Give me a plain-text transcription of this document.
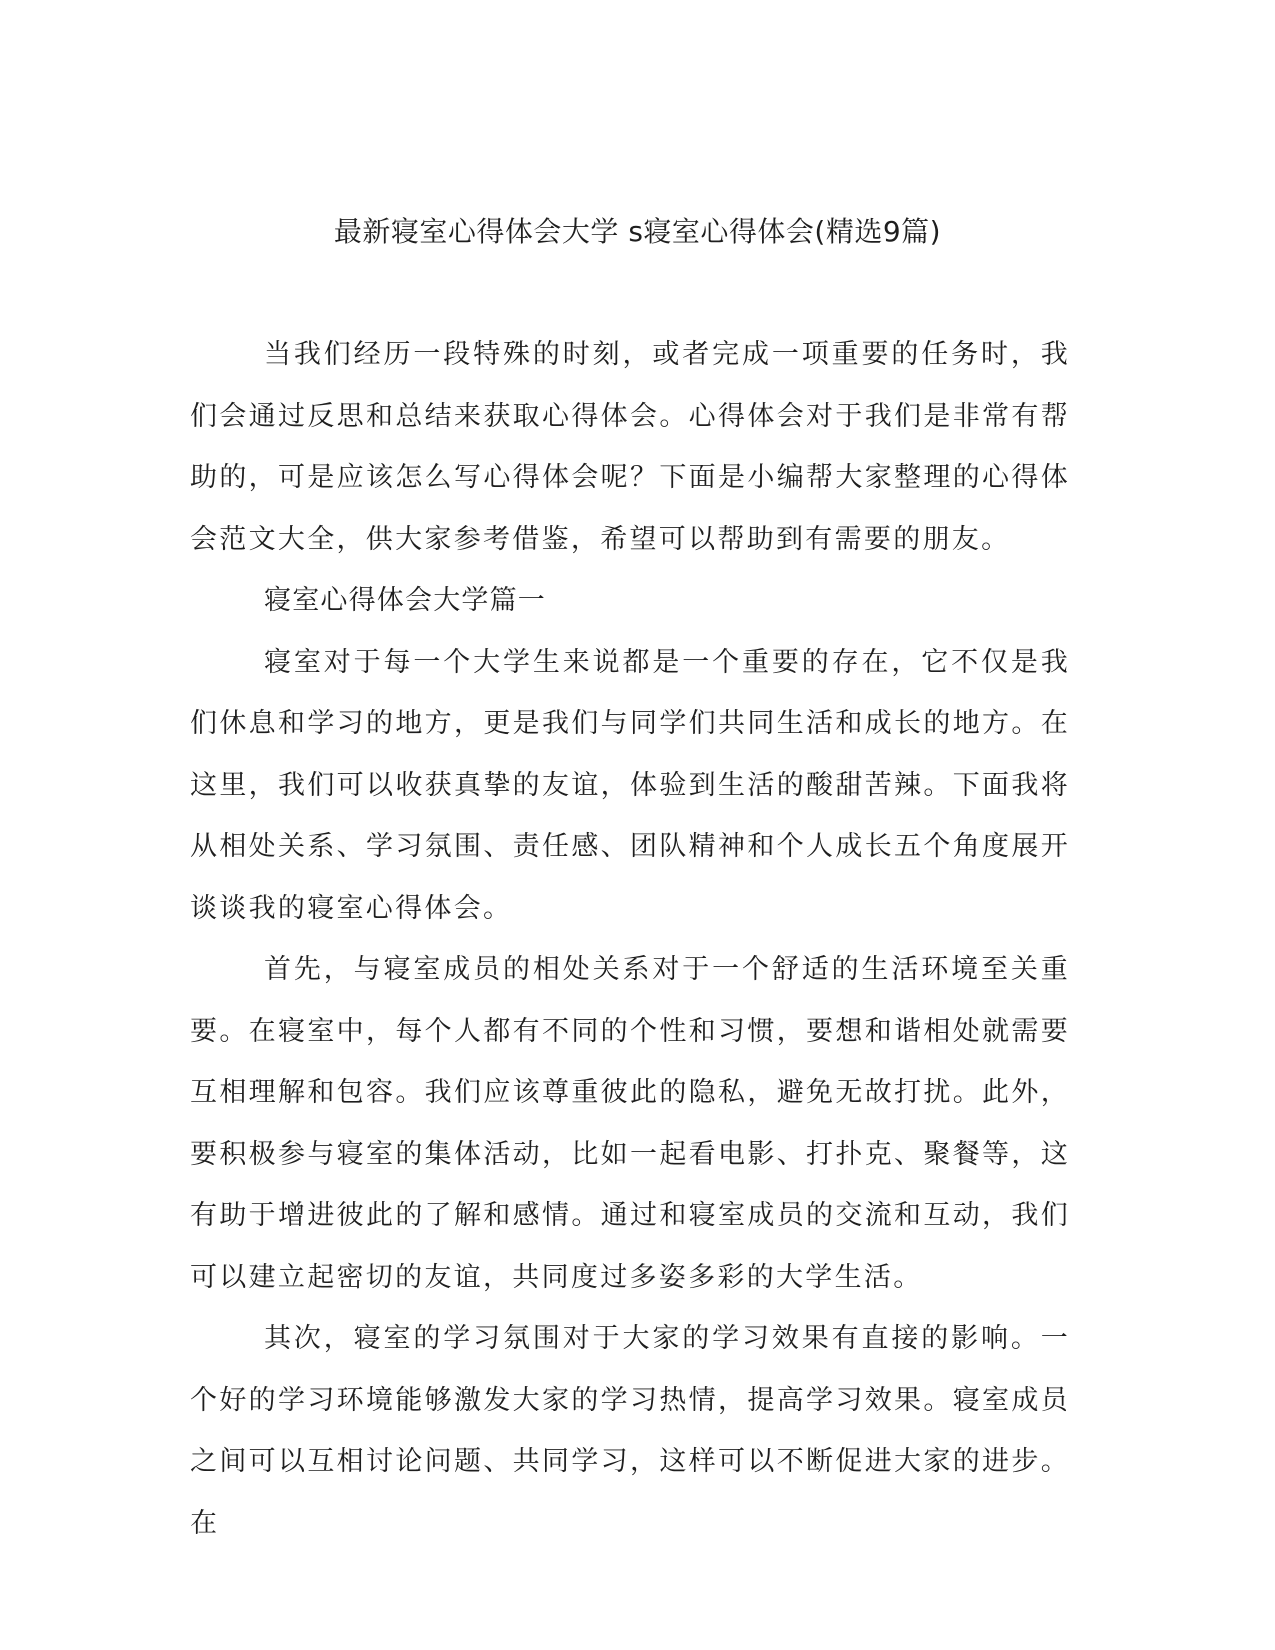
最新寝室心得体会大学 s寝室心得体会(精选9篇)

当我们经历一段特殊的时刻，或者完成一项重要的任务时，我们会通过反思和总结来获取心得体会。心得体会对于我们是非常有帮助的，可是应该怎么写心得体会呢？下面是小编帮大家整理的心得体会范文大全，供大家参考借鉴，希望可以帮助到有需要的朋友。

寝室心得体会大学篇一

寝室对于每一个大学生来说都是一个重要的存在，它不仅是我们休息和学习的地方，更是我们与同学们共同生活和成长的地方。在这里，我们可以收获真挚的友谊，体验到生活的酸甜苦辣。下面我将从相处关系、学习氛围、责任感、团队精神和个人成长五个角度展开谈谈我的寝室心得体会。

首先，与寝室成员的相处关系对于一个舒适的生活环境至关重要。在寝室中，每个人都有不同的个性和习惯，要想和谐相处就需要互相理解和包容。我们应该尊重彼此的隐私，避免无故打扰。此外，要积极参与寝室的集体活动，比如一起看电影、打扑克、聚餐等，这有助于增进彼此的了解和感情。通过和寝室成员的交流和互动，我们可以建立起密切的友谊，共同度过多姿多彩的大学生活。

其次，寝室的学习氛围对于大家的学习效果有直接的影响。一个好的学习环境能够激发大家的学习热情，提高学习效果。寝室成员之间可以互相讨论问题、共同学习，这样可以不断促进大家的进步。在
